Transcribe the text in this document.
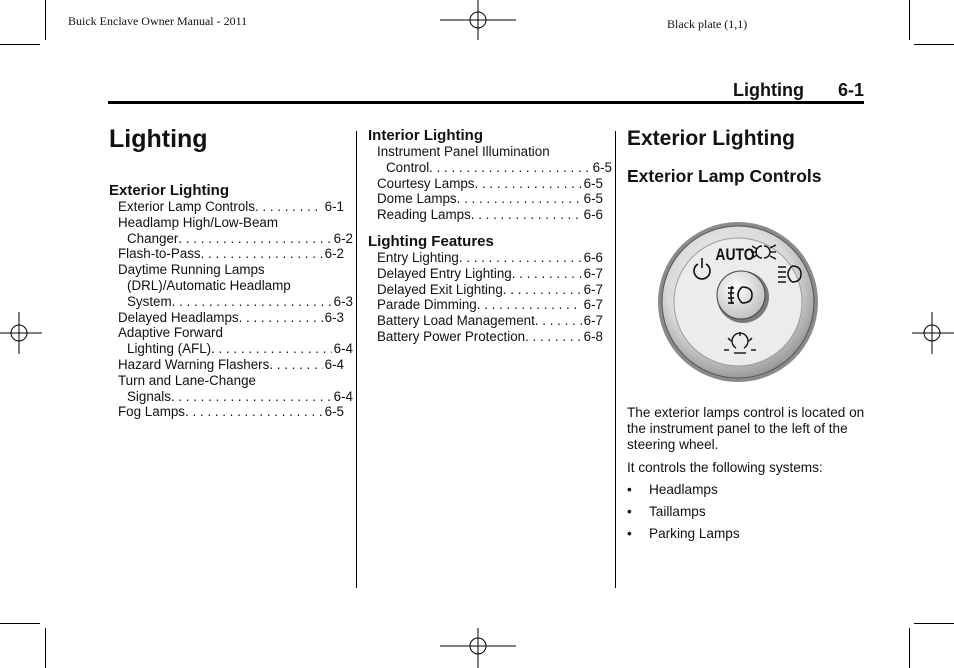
Buick Enclave Owner Manual - 2011	Black plate (1,1)
Lighting 6-1
Lighting
Exterior Lighting
Exterior Lamp Controls . . .	6-1
Headlamp High/Low-Beam
Changer . . .	6-2
Flash-to-Pass . . .	6-2
Daytime Running Lamps
(DRL)/Automatic Headlamp
System . . .	6-3
Delayed Headlamps . . .	6-3
Adaptive Forward
Lighting (AFL) . . .	6-4
Hazard Warning Flashers . . .	6-4
Turn and Lane-Change
Signals . . .	6-4
Fog Lamps . . .	6-5
Interior Lighting
Instrument Panel Illumination
Control . . .	6-5
Courtesy Lamps . . .	6-5
Dome Lamps . . .	6-5
Reading Lamps . . .	6-6
Lighting Features
Entry Lighting . . .	6-6
Delayed Entry Lighting . . .	6-7
Delayed Exit Lighting . . .	6-7
Parade Dimming . . .	6-7
Battery Load Management . . .	6-7
Battery Power Protection . . .	6-8
Exterior Lighting
Exterior Lamp Controls
AUTO
The exterior lamps control is located on the instrument panel to the left of the steering wheel.
It controls the following systems:
•	Headlamps
•	Taillamps
•	Parking Lamps
